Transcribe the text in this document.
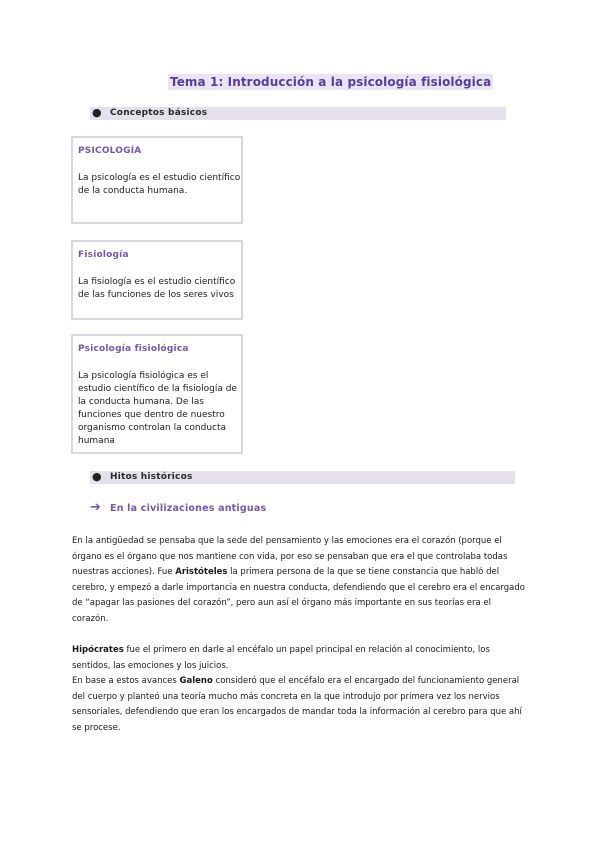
Tema 1: Introducción a la psicología fisiológica
● Conceptos básicos
PSICOLOGÍA
La psicología es el estudio científico de la conducta humana.
Fisiología
La fisiología es el estudio científico de las funciones de los seres vivos
Psicología fisiológica
La psicología fisiológica es el estudio científico de la fisiología de la conducta humana. De las funciones que dentro de nuestro organismo controlan la conducta humana
● Hitos históricos
➔ En la civilizaciones antiguas
En la antigüedad se pensaba que la sede del pensamiento y las emociones era el corazón (porque el órgano es el órgano que nos mantiene con vida, por eso se pensaban que era el que controlaba todas nuestras acciones). Fue Aristóteles la primera persona de la que se tiene constancia que habló del cerebro, y empezó a darle importancia en nuestra conducta, defendiendo que el cerebro era el encargado de “apagar las pasiones del corazón”, pero aun así el órgano más importante en sus teorías era el corazón.
Hipócrates fue el primero en darle al encéfalo un papel principal en relación al conocimiento, los sentidos, las emociones y los juicios.
En base a estos avances Galeno consideró que el encéfalo era el encargado del funcionamiento general del cuerpo y planteó una teoría mucho más concreta en la que introdujo por primera vez los nervios sensoriales, defendiendo que eran los encargados de mandar toda la información al cerebro para que ahí se procese.
